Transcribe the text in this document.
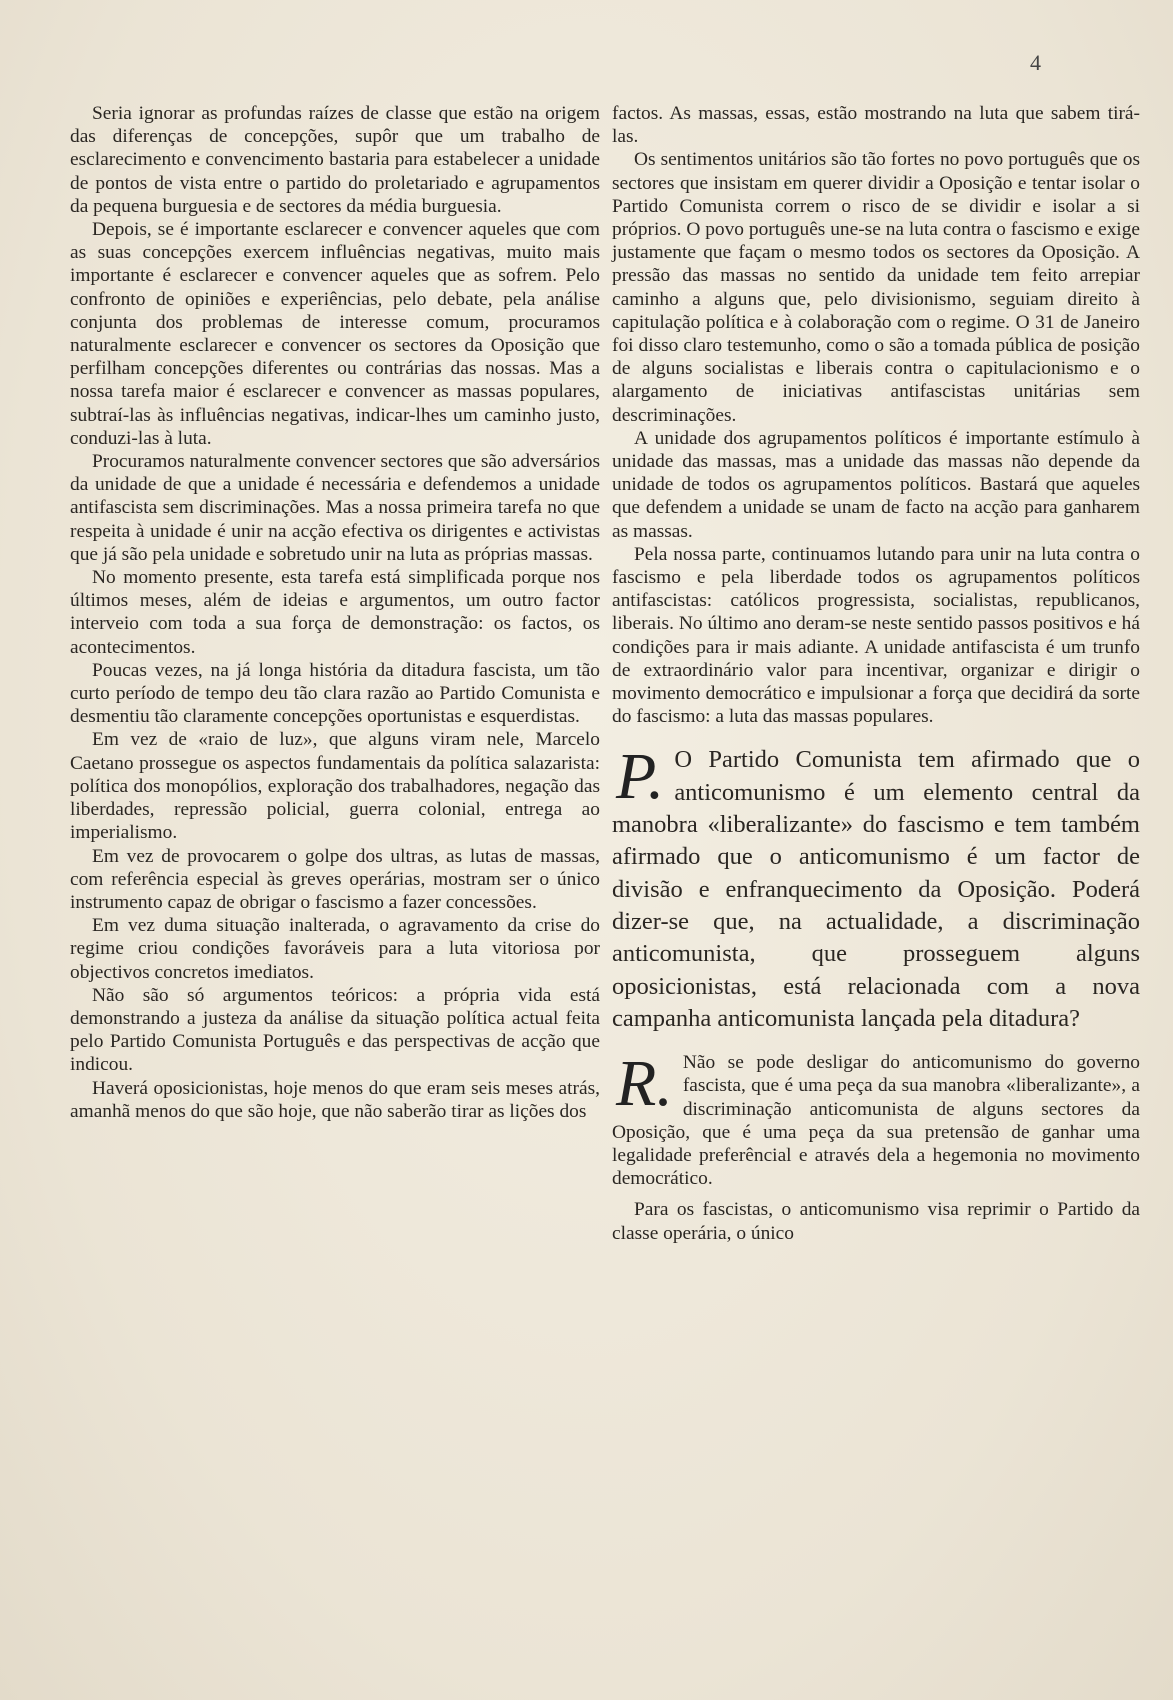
4

Seria ignorar as profundas raízes de classe que estão na origem das diferenças de concepções, supôr que um trabalho de esclarecimento e convencimento bastaria para estabelecer a unidade de pontos de vista entre o partido do proletariado e agrupamentos da pequena burguesia e de sectores da média burguesia.

Depois, se é importante esclarecer e convencer aqueles que com as suas concepções exercem influências negativas, muito mais importante é esclarecer e convencer aqueles que as sofrem. Pelo confronto de opiniões e experiências, pelo debate, pela análise conjunta dos problemas de interesse comum, procuramos naturalmente esclarecer e convencer os sectores da Oposição que perfilham concepções diferentes ou contrárias das nossas. Mas a nossa tarefa maior é esclarecer e convencer as massas populares, subtraí-las às influências negativas, indicar-lhes um caminho justo, conduzi-las à luta.

Procuramos naturalmente convencer sectores que são adversários da unidade de que a unidade é necessária e defendemos a unidade antifascista sem discriminações. Mas a nossa primeira tarefa no que respeita à unidade é unir na acção efectiva os dirigentes e activistas que já são pela unidade e sobretudo unir na luta as próprias massas.

No momento presente, esta tarefa está simplificada porque nos últimos meses, além de ideias e argumentos, um outro factor interveio com toda a sua força de demonstração: os factos, os acontecimentos.

Poucas vezes, na já longa história da ditadura fascista, um tão curto período de tempo deu tão clara razão ao Partido Comunista e desmentiu tão claramente concepções oportunistas e esquerdistas.

Em vez de «raio de luz», que alguns viram nele, Marcelo Caetano prossegue os aspectos fundamentais da política salazarista: política dos monopólios, exploração dos trabalhadores, negação das liberdades, repressão policial, guerra colonial, entrega ao imperialismo.

Em vez de provocarem o golpe dos ultras, as lutas de massas, com referência especial às greves operárias, mostram ser o único instrumento capaz de obrigar o fascismo a fazer concessões.

Em vez duma situação inalterada, o agravamento da crise do regime criou condições favoráveis para a luta vitoriosa por objectivos concretos imediatos.

Não são só argumentos teóricos: a própria vida está demonstrando a justeza da análise da situação política actual feita pelo Partido Comunista Português e das perspectivas de acção que indicou.

Haverá oposicionistas, hoje menos do que eram seis meses atrás, amanhã menos do que são hoje, que não saberão tirar as lições dos

factos. As massas, essas, estão mostrando na luta que sabem tirá-las.

Os sentimentos unitários são tão fortes no povo português que os sectores que insistam em querer dividir a Oposição e tentar isolar o Partido Comunista correm o risco de se dividir e isolar a si próprios. O povo português une-se na luta contra o fascismo e exige justamente que façam o mesmo todos os sectores da Oposição. A pressão das massas no sentido da unidade tem feito arrepiar caminho a alguns que, pelo divisionismo, seguiam direito à capitulação política e à colaboração com o regime. O 31 de Janeiro foi disso claro testemunho, como o são a tomada pública de posição de alguns socialistas e liberais contra o capitulacionismo e o alargamento de iniciativas antifascistas unitárias sem descriminações.

A unidade dos agrupamentos políticos é importante estímulo à unidade das massas, mas a unidade das massas não depende da unidade de todos os agrupamentos políticos. Bastará que aqueles que defendem a unidade se unam de facto na acção para ganharem as massas.

Pela nossa parte, continuamos lutando para unir na luta contra o fascismo e pela liberdade todos os agrupamentos políticos antifascistas: católicos progressista, socialistas, republicanos, liberais. No último ano deram-se neste sentido passos positivos e há condições para ir mais adiante. A unidade antifascista é um trunfo de extraordinário valor para incentivar, organizar e dirigir o movimento democrático e impulsionar a força que decidirá da sorte do fascismo: a luta das massas populares.

P. O Partido Comunista tem afirmado que o anticomunismo é um elemento central da manobra «liberalizante» do fascismo e tem também afirmado que o anticomunismo é um factor de divisão e enfranquecimento da Oposição. Poderá dizer-se que, na actualidade, a discriminação anticomunista, que prosseguem alguns oposicionistas, está relacionada com a nova campanha anticomunista lançada pela ditadura?
R. Não se pode desligar do anticomunismo do governo fascista, que é uma peça da sua manobra «liberalizante», a discriminação anticomunista de alguns sectores da Oposição, que é uma peça da sua pretensão de ganhar uma legalidade preferêncial e através dela a hegemonia no movimento democrático.

Para os fascistas, o anticomunismo visa reprimir o Partido da classe operária, o único
